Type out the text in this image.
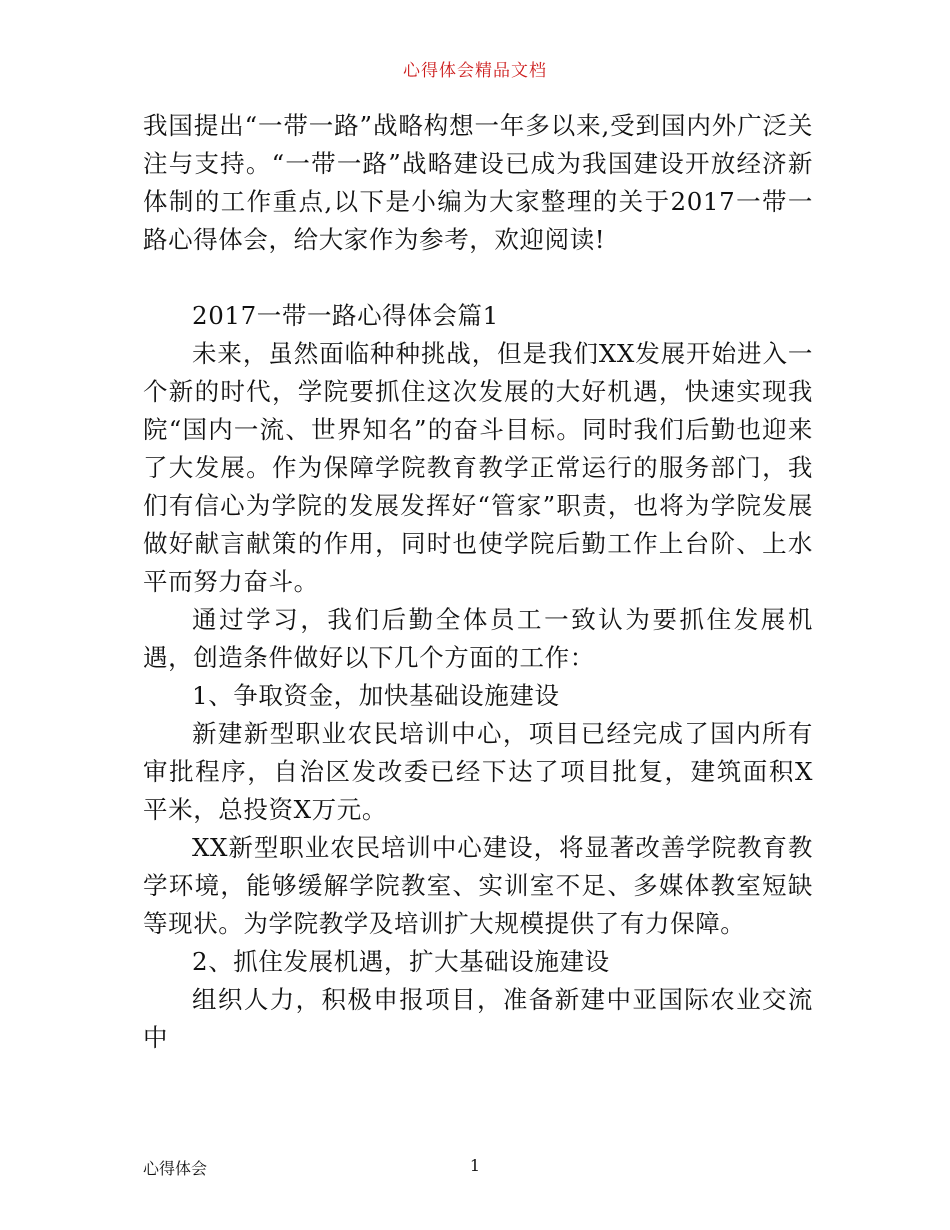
心得体会精品文档

我国提出“一带一路”战略构想一年多以来,受到国内外广泛关注与支持。“一带一路”战略建设已成为我国建设开放经济新体制的工作重点,以下是小编为大家整理的关于2017一带一路心得体会，给大家作为参考，欢迎阅读!

2017一带一路心得体会篇1

未来，虽然面临种种挑战，但是我们XX发展开始进入一个新的时代，学院要抓住这次发展的大好机遇，快速实现我院“国内一流、世界知名”的奋斗目标。同时我们后勤也迎来了大发展。作为保障学院教育教学正常运行的服务部门，我们有信心为学院的发展发挥好“管家”职责，也将为学院发展做好献言献策的作用，同时也使学院后勤工作上台阶、上水平而努力奋斗。

通过学习，我们后勤全体员工一致认为要抓住发展机遇，创造条件做好以下几个方面的工作：

1、争取资金，加快基础设施建设

新建新型职业农民培训中心，项目已经完成了国内所有审批程序，自治区发改委已经下达了项目批复，建筑面积X平米，总投资X万元。

XX新型职业农民培训中心建设，将显著改善学院教育教学环境，能够缓解学院教室、实训室不足、多媒体教室短缺等现状。为学院教学及培训扩大规模提供了有力保障。

2、抓住发展机遇，扩大基础设施建设

组织人力，积极申报项目，准备新建中亚国际农业交流中

心得体会	1
